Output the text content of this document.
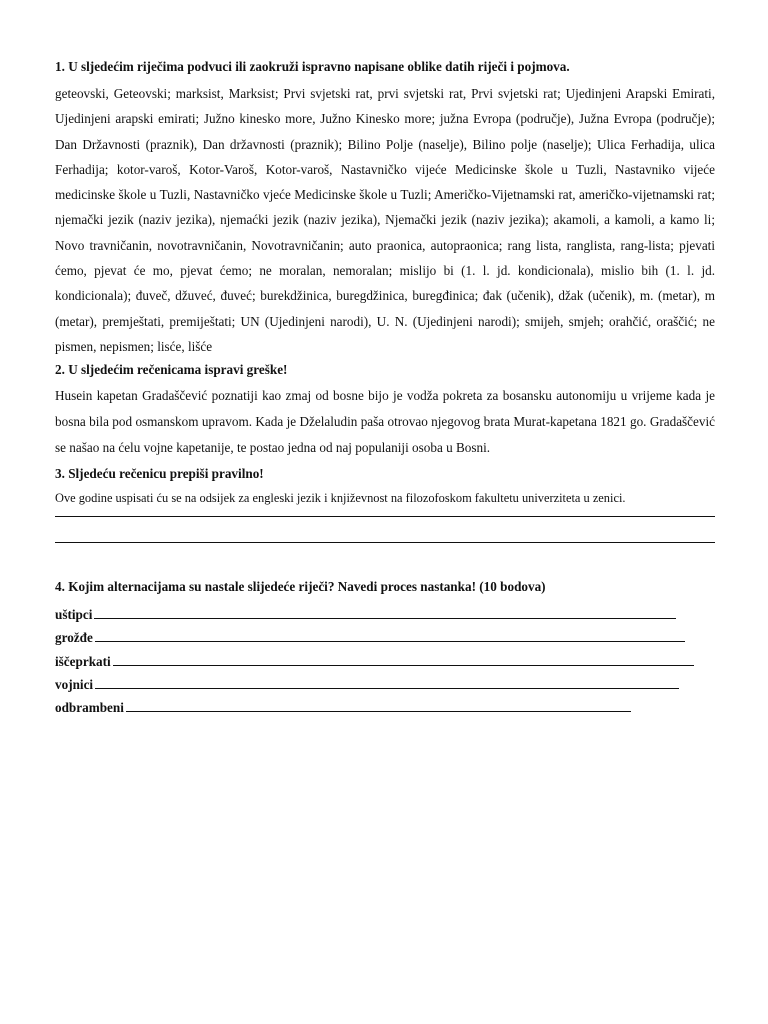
1. U sljedećim riječima podvuci ili zaokruži ispravno napisane oblike datih riječi i pojmova.

geteovski, Geteovski; marksist, Marksist; Prvi svjetski rat, prvi svjetski rat, Prvi svjetski rat; Ujedinjeni Arapski Emirati, Ujedinjeni arapski emirati; Južno kinesko more, Južno Kinesko more; južna Evropa (područje), Južna Evropa (područje); Dan Državnosti (praznik), Dan državnosti (praznik); Bilino Polje (naselje), Bilino polje (naselje); Ulica Ferhadija, ulica Ferhadija; kotor-varoš, Kotor-Varoš, Kotor-varoš, Nastavničko vijeće Medicinske škole u Tuzli, Nastavniko vijeće medicinske škole u Tuzli, Nastavničko vjeće Medicinske škole u Tuzli; Američko-Vijetnamski rat, američko-vijetnamski rat; njemački jezik (naziv jezika), njemaćki jezik (naziv jezika), Njemački jezik (naziv jezika); akamoli, a kamoli, a kamo li; Novo travničanin, novotravničanin, Novotravničanin; auto praonica, autopraonica; rang lista, ranglista, rang-lista; pjevati ćemo, pjevat će mo, pjevat ćemo; ne moralan, nemoralan; mislijo bi (1. l. jd. kondicionala), mislio bih (1. l. jd. kondicionala); đuveč, džuveć, đuveć; burekdžinica, buregdžinica, buregđinica; đak (učenik), džak (učenik), m. (metar), m (metar), premještati, premiještati; UN (Ujedinjeni narodi), U. N. (Ujedinjeni narodi); smijeh, smjeh; orahčić, oraščić; ne pismen, nepismen; lisće, lišće

2. U sljedećim rečenicama ispravi greške!

Husein kapetan Gradaščević poznatiji kao zmaj od bosne bijo je vodža pokreta za bosansku autonomiju u vrijeme kada je bosna bila pod osmanskom upravom. Kada je Dželaludin paša otrovao njegovog brata Murat-kapetana 1821 go. Gradaščević se našao na ćelu vojne kapetanije, te postao jedna od naj populaniji osoba u Bosni.

3. Sljedeću rečenicu prepiši pravilno!

Ove godine uspisati ću se na odsijek za engleski jezik i književnost na filozofoskom fakultetu univerziteta u zenici.

4. Kojim alternacijama su nastale slijedeće riječi? Navedi proces nastanka! (10 bodova)

uštipci
grožđe
iščeprkati
vojnici
odbrambeni
